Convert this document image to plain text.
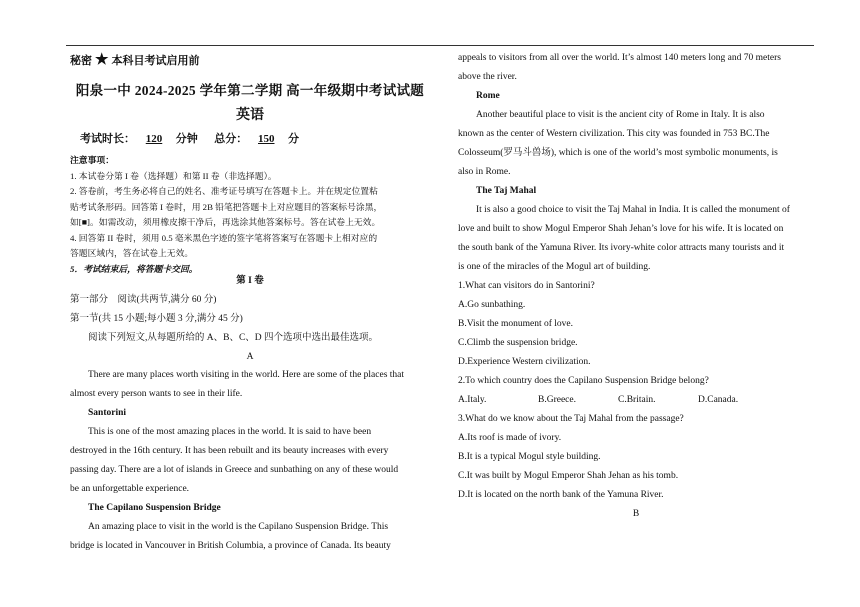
秘密 ★ 本科目考试启用前
阳泉一中 2024-2025 学年第二学期 高一年级期中考试试题
英语
考试时长： 120 分钟 总分： 150 分
注意事项：
1. 本试卷分第 I 卷（选择题）和第 II 卷（非选择题）。
2. 答卷前，考生务必将自己的姓名、准考证号填写在答题卡上。并在规定位置粘
贴考试条形码。回答第 I 卷时，用 2B 铅笔把答题卡上对应题目的答案标号涂黑，
如[■]。如需改动，须用橡皮擦干净后，再选涂其他答案标号。答在试卷上无效。
4. 回答第 II 卷时，须用 0.5 毫米黑色字迹的签字笔将答案写在答题卡上相对应的
答题区域内，答在试卷上无效。
5．考试结束后，将答题卡交回。
第 I 卷
第一部分　阅读(共两节,满分 60 分)
第一节(共 15 小题;每小题 3 分,满分 45 分)
阅读下列短文,从每题所给的 A、B、C、D 四个选项中选出最佳选项。
A
There are many places worth visiting in the world. Here are some of the places that
almost every person wants to see in their life.
Santorini
This is one of the most amazing places in the world. It is said to have been
destroyed in the 16th century. It has been rebuilt and its beauty increases with every
passing day. There are a lot of islands in Greece and sunbathing on any of these would
be an unforgettable experience.
The Capilano Suspension Bridge
An amazing place to visit in the world is the Capilano Suspension Bridge. This
bridge is located in Vancouver in British Columbia, a province of Canada. Its beauty
appeals to visitors from all over the world. It’s almost 140 meters long and 70 meters
above the river.
Rome
Another beautiful place to visit is the ancient city of Rome in Italy. It is also
known as the center of Western civilization. This city was founded in 753 BC.The
Colosseum(罗马斗兽场), which is one of the world’s most symbolic monuments, is
also in Rome.
The Taj Mahal
It is also a good choice to visit the Taj Mahal in India. It is called the monument of
love and built to show Mogul Emperor Shah Jehan’s love for his wife. It is located on
the south bank of the Yamuna River. Its ivory-white color attracts many tourists and it
is one of the miracles of the Mogul art of building.
1.What can visitors do in Santorini?
A.Go sunbathing.
B.Visit the monument of love.
C.Climb the suspension bridge.
D.Experience Western civilization.
2.To which country does the Capilano Suspension Bridge belong?
A.Italy.	B.Greece.	C.Britain.	D.Canada.
3.What do we know about the Taj Mahal from the passage?
A.Its roof is made of ivory.
B.It is a typical Mogul style building.
C.It was built by Mogul Emperor Shah Jehan as his tomb.
D.It is located on the north bank of the Yamuna River.
B
